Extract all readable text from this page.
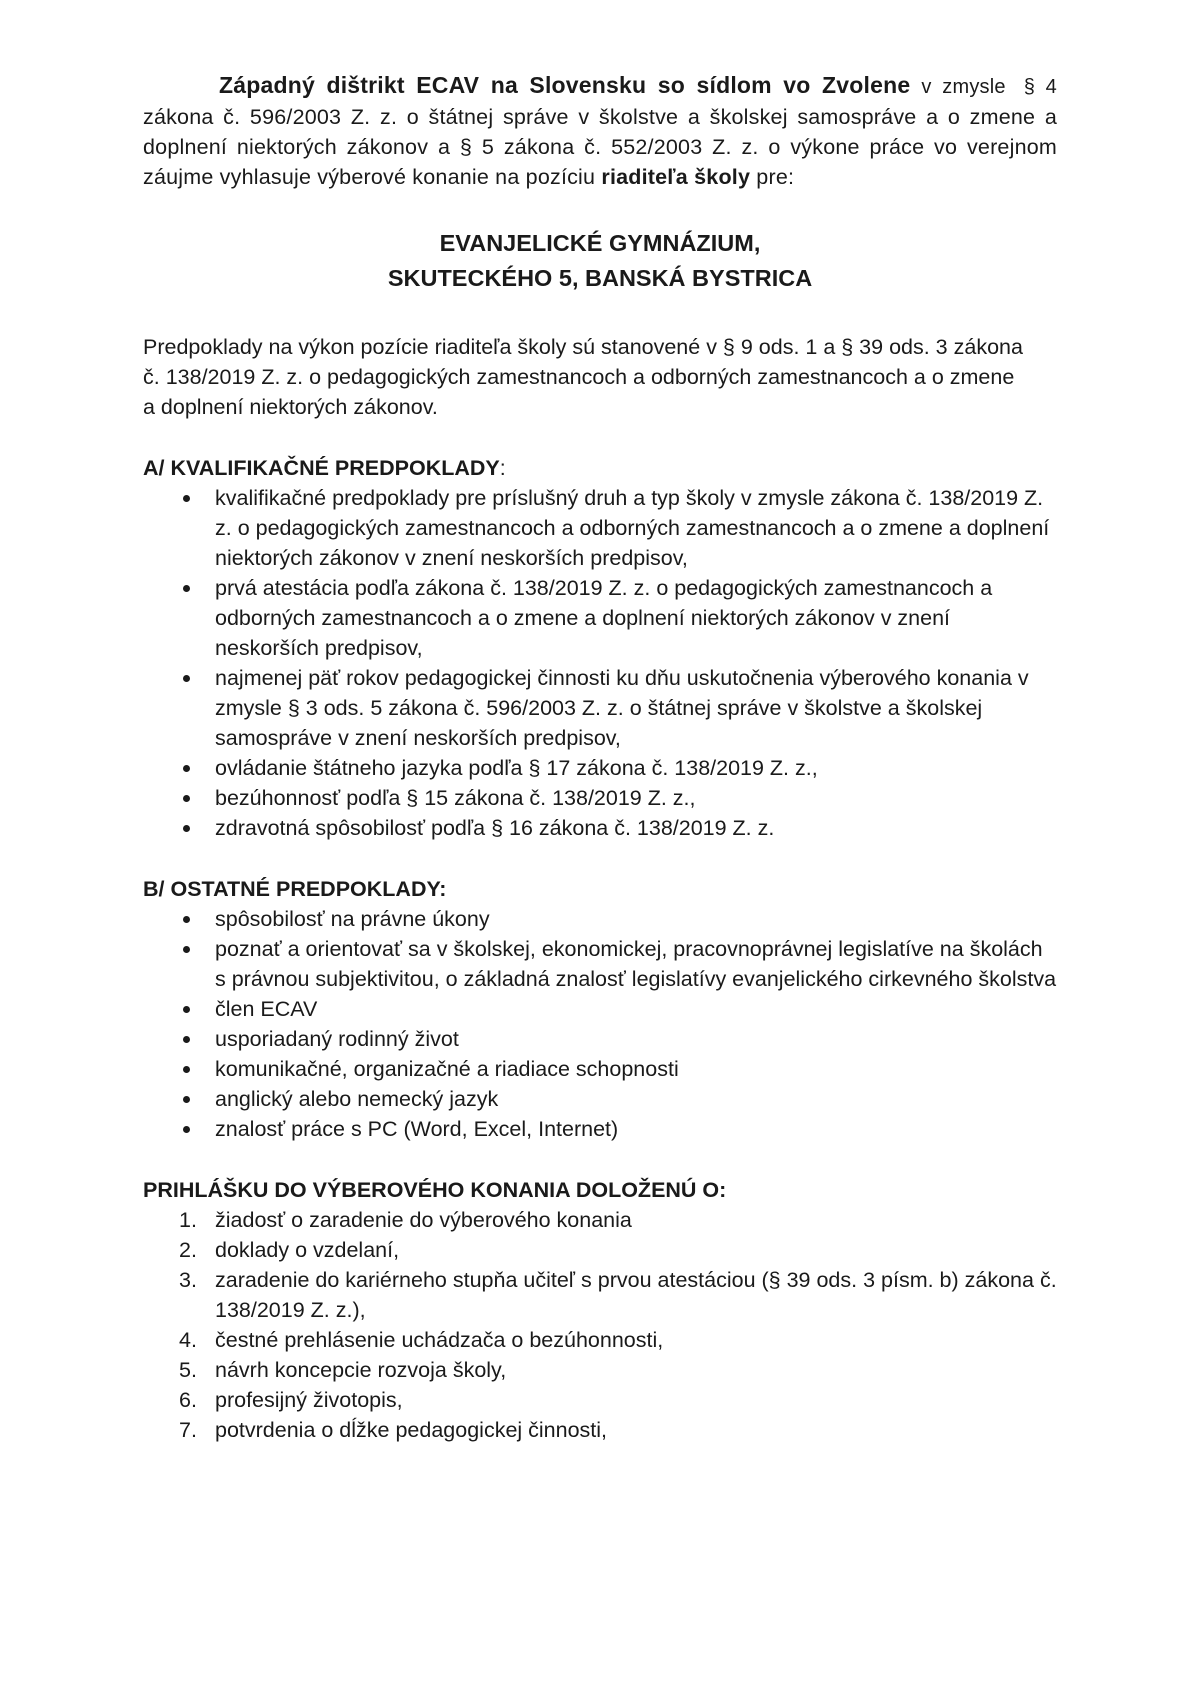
Západný dištrikt ECAV na Slovensku so sídlom vo Zvolene v zmysle § 4 zákona č. 596/2003 Z. z. o štátnej správe v školstve a školskej samospráve a o zmene a doplnení niektorých zákonov a § 5 zákona č. 552/2003 Z. z. o výkone práce vo verejnom záujme vyhlasuje výberové konanie na pozíciu riaditeľa školy pre:

EVANJELICKÉ GYMNÁZIUM,
SKUTECKÉHO 5, BANSKÁ BYSTRICA
Predpoklady na výkon pozície riaditeľa školy sú stanovené v § 9 ods. 1 a § 39 ods. 3 zákona
č. 138/2019 Z. z. o pedagogických zamestnancoch a odborných zamestnancoch a o zmene
a doplnení niektorých zákonov.
A/ KVALIFIKAČNÉ PREDPOKLADY:
kvalifikačné predpoklady pre príslušný druh a typ školy v zmysle zákona č. 138/2019 Z. z. o pedagogických zamestnancoch a odborných zamestnancoch a o zmene a doplnení niektorých zákonov v znení neskorších predpisov,
prvá atestácia podľa zákona č. 138/2019 Z. z. o pedagogických zamestnancoch a odborných zamestnancoch a o zmene a doplnení niektorých zákonov v znení neskorších predpisov,
najmenej päť rokov pedagogickej činnosti ku dňu uskutočnenia výberového konania v zmysle § 3 ods. 5 zákona č. 596/2003 Z. z. o štátnej správe v školstve a školskej samospráve v znení neskorších predpisov,
ovládanie štátneho jazyka podľa § 17 zákona č. 138/2019 Z. z.,
bezúhonnosť podľa § 15 zákona č. 138/2019 Z. z.,
zdravotná spôsobilosť podľa § 16 zákona č. 138/2019 Z. z.
B/ OSTATNÉ PREDPOKLADY:
spôsobilosť na právne úkony
poznať a orientovať sa v školskej, ekonomickej, pracovnoprávnej legislatíve na školách s právnou subjektivitou, o základná znalosť legislatívy evanjelického cirkevného školstva
člen ECAV
usporiadaný rodinný život
komunikačné, organizačné a riadiace schopnosti
anglický alebo nemecký jazyk
znalosť práce s PC (Word, Excel, Internet)
PRIHLÁŠKU DO VÝBEROVÉHO KONANIA DOLOŽENÚ O:
1. žiadosť o zaradenie do výberového konania
2. doklady o vzdelaní,
3. zaradenie do kariérneho stupňa učiteľ s prvou atestáciou (§ 39 ods. 3 písm. b) zákona č. 138/2019 Z. z.),
4. čestné prehlásenie uchádzača o bezúhonnosti,
5. návrh koncepcie rozvoja školy,
6. profesijný životopis,
7. potvrdenia o dĺžke pedagogickej činnosti,
